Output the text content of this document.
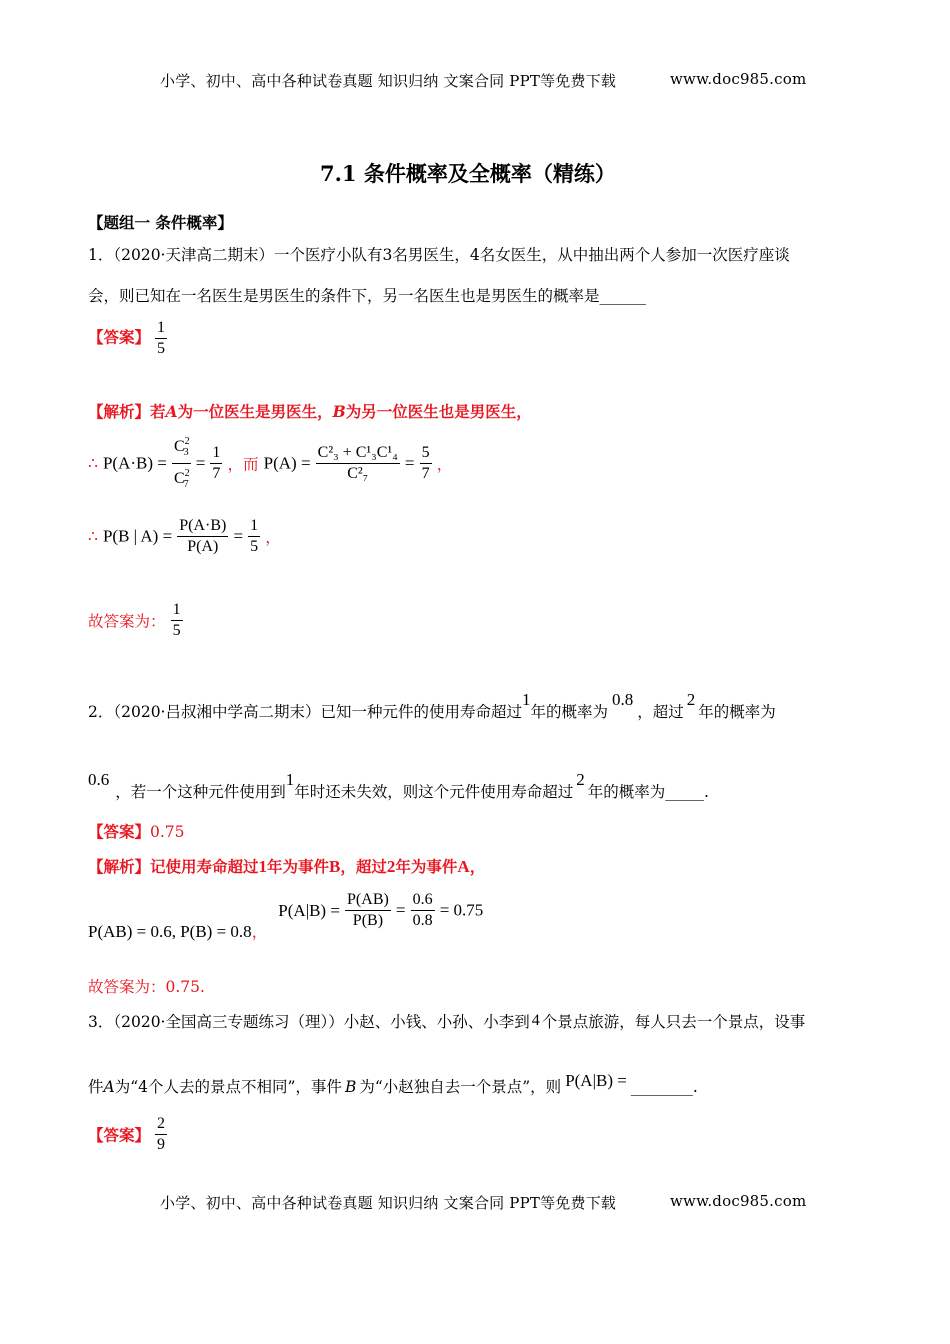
小学、初中、高中各种试卷真题 知识归纳 文案合同 PPT等免费下载	www.doc985.com
7.1 条件概率及全概率（精练）
【题组一 条件概率】
1．（2020·天津高二期末）一个医疗小队有3名男医生，4名女医生，从中抽出两个人参加一次医疗座谈
会，则已知在一名医生是男医生的条件下，另一名医生也是男医生的概率是______
【答案】 $\frac{1}{5}$
【解析】若A为一位医生是男医生，B为另一位医生也是男医生，
∴ $P(A\cdot B) = \frac{C^2_3}{C^2_7} = \frac{1}{7}$ ，而 $P(A) = \frac{\text{C²₃ + C¹₃C¹₄}}{\text{C²₇}} = \frac{5}{7}$ ，
∴ P(B | $A) = \frac{P(A\cdot B)}{P(A)} = \frac{1}{5}$ ，
故答案为： $\frac{1}{5}$
2．（2020·吕叔湘中学高二期末）已知一种元件的使用寿命超过1年的概率为0.8，超过2年的概率为
0.6，若一个这种元件使用到1年时还未失效，则这个元件使用寿命超过2年的概率为_____.
【答案】0.75
【解析】记使用寿命超过1年为事件B，超过2年为事件A，
P(AB) = 0.6, P(B) = 0.8， $P(A|B) = \frac{P(AB)}{P(B)} = \frac{0.6}{0.8} = 0.75$
故答案为：0.75.
3．（2020·全国高三专题练习（理））小赵、小钱、小孙、小李到 4 个景点旅游，每人只去一个景点，设事
件A为“4个人去的景点不相同”，事件 B 为“小赵独自去一个景点”，则 P(A|B) = ________.
【答案】 $\frac{2}{9}$
小学、初中、高中各种试卷真题 知识归纳 文案合同 PPT等免费下载	www.doc985.com
